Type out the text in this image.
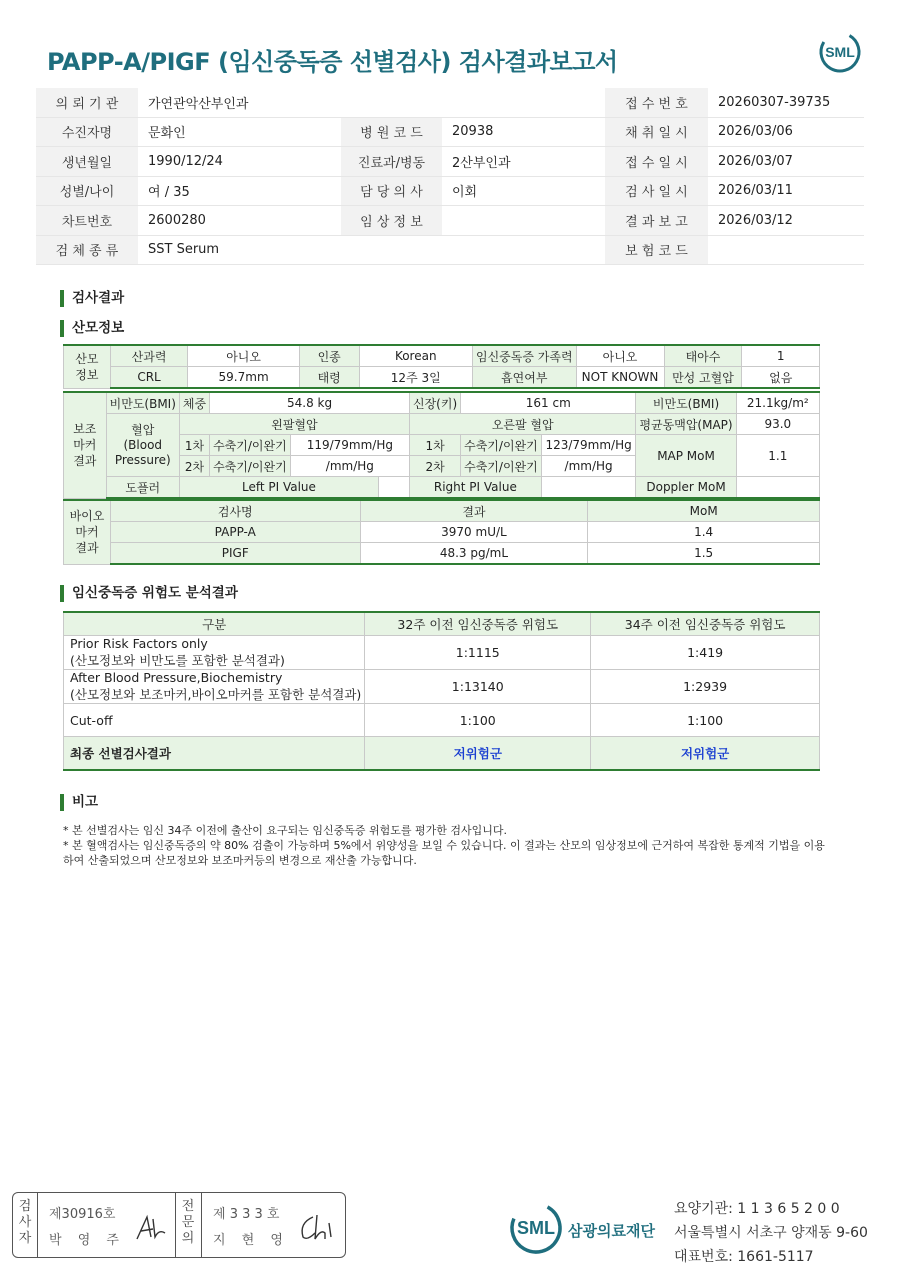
PAPP-A/PIGF (임신중독증 선별검사) 검사결과보고서	SML
의 뢰 기 관	가연관악산부인과			접 수 번 호	20260307-39735
수진자명	문화인	병 원 코 드	20938	채 취 일 시	2026/03/06
생년월일	1990/12/24	진료과/병동	2산부인과	접 수 일 시	2026/03/07
성별/나이	여 / 35	담 당 의 사	이회	검 사 일 시	2026/03/11
차트번호	2600280	임 상 정 보		결 과 보 고	2026/03/12
검 체 종 류	SST Serum			보 험 코 드	
검사결과
산모정보
산모
정보	산과력	아니오	인종	Korean	임신중독증 가족력	아니오	태아수	1
	CRL	59.7mm	태령	12주 3일	흡연여부	NOT KNOWN	만성 고혈압	없음
보조
마커
결과	비만도(BMI)	체중	54.8 kg			신장(키)	161 cm		비만도(BMI)	21.1kg/m²

	혈압
(Blood
Pressure)	왼팔혈압				오른팔 혈압			평균동맥압(MAP)	93.0
		1차	수축기/이완기	119/79mm/Hg		1차	수축기/이완기	123/79mm/Hg	MAP MoM	1.1
		2차	수축기/이완기	/mm/Hg		2차	수축기/이완기	/mm/Hg		
	도플러	Left PI Value				Right PI Value			Doppler MoM	
바이오
마커
결과	검사명	결과	MoM
	PAPP-A	3970 mU/L	1.4
	PIGF	48.3 pg/mL	1.5
임신중독증 위험도 분석결과
구분	32주 이전 임신중독증 위험도	34주 이전 임신중독증 위험도

Prior Risk Factors only
(산모정보와 비만도를 포함한 분석결과)	1:1115	1:419

After Blood Pressure,Biochemistry
(산모정보와 보조마커,바이오마커를 포함한 분석결과)	1:13140	1:2939
Cut-off	1:100	1:100
최종 선별검사결과	저위험군	저위험군
비고
* 본 선별검사는 임신 34주 이전에 출산이 요구되는 임신중독증 위험도를 평가한 검사입니다.
* 본 혈액검사는 임신중독증의 약 80% 검출이 가능하며 5%에서 위양성을 보일 수 있습니다. 이 결과는 산모의 임상정보에 근거하여 복잡한 통계적 기법을 이용하여 산출되었으며 산모정보와 보조마커등의 변경으로 재산출 가능합니다.
검
사
자
제30916호
박 영 주
전
문
의
제 3 3 3 호
지 현 영
SML 삼광의료재단
요양기관: 1 1 3 6 5 2 0 0
서울특별시 서초구 양재동 9-60
대표번호: 1661-5117
